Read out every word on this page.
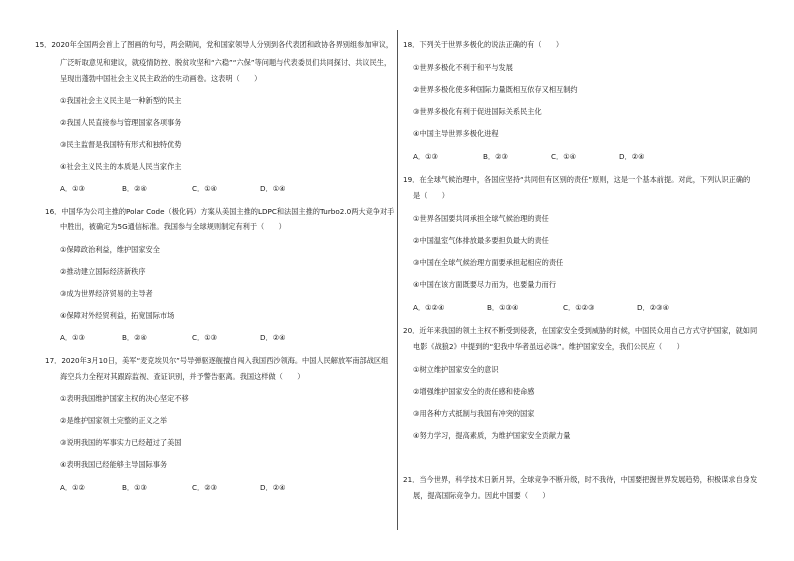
15．2020年全国两会首上了图画的句号，两会期间，党和国家领导人分别到各代表团和政协各界别组参加审议，
广泛听取意见和建议，就疫情防控、脱贫攻坚和“六稳”“六保”等问题与代表委员们共同探讨、共议民生，
呈现出蓬勃中国社会主义民主政治的生动画卷。这表明（　　）
①我国社会主义民主是一种新型的民主
②我国人民直接参与管理国家各项事务
③民主监督是我国特有形式和独特优势
④社会主义民主的本质是人民当家作主
A．①③	B．②④	C．①④	D．①④
16．中国华为公司主推的Polar Code（极化码）方案从美国主推的LDPC和法国主推的Turbo2.0两大竞争对手
中胜出，被确定为5G通信标准。我国参与全球规则制定有利于（　　）
①保障政治利益，维护国家安全
②推动建立国际经济新秩序
③成为世界经济贸易的主导者
④保障对外经贸利益，拓宽国际市场
A．①③	B．②④	C．①③	D．②④
17．2020年3月10日，美军“麦克埃贝尔”号导弹驱逐舰擅自闯入我国西沙领海。中国人民解放军南部战区组
海空兵力全程对其跟踪监视、查证识别，并予警告驱离。我国这样做（　　）
①表明我国维护国家主权的决心坚定不移
②是维护国家领土完整的正义之举
③说明我国的军事实力已经超过了美国
④表明我国已经能够主导国际事务
A．①②	B．①③	C．②③	D．②④
18．下列关于世界多极化的说法正确的有（　　）
①世界多极化不利于和平与发展
②世界多极化使多种国际力量既相互依存又相互制约
③世界多极化有利于促进国际关系民主化
④中国主导世界多极化进程
A．①③	B．②③	C．①④	D．②④
19．在全球气候治理中，各国应坚持“共同但有区别的责任”原则，这是一个基本前提。对此，下列认识正确的
是（　　）
①世界各国要共同承担全球气候治理的责任
②中国温室气体排放最多要担负最大的责任
③中国在全球气候治理方面要承担起相应的责任
④中国在该方面既要尽力而为，也要量力而行
A．①②④	B．①③④	C．①②③	D．②③④
20．近年来我国的领土主权不断受到侵袭，在国家安全受到威胁的时候，中国民众用自己方式守护国家，就如同
电影《战狼2》中提到的“犯我中华者虽远必诛”。维护国家安全，我们公民应（　　）
①树立维护国家安全的意识
②增强维护国家安全的责任感和使命感
③用各种方式抵制与我国有冲突的国家
④努力学习，提高素质，为维护国家安全贡献力量
21．当今世界，科学技术日新月异，全球竞争不断升级，时不我待，中国要把握世界发展趋势，积极谋求自身发
展，提高国际竞争力。因此中国要（　　）
